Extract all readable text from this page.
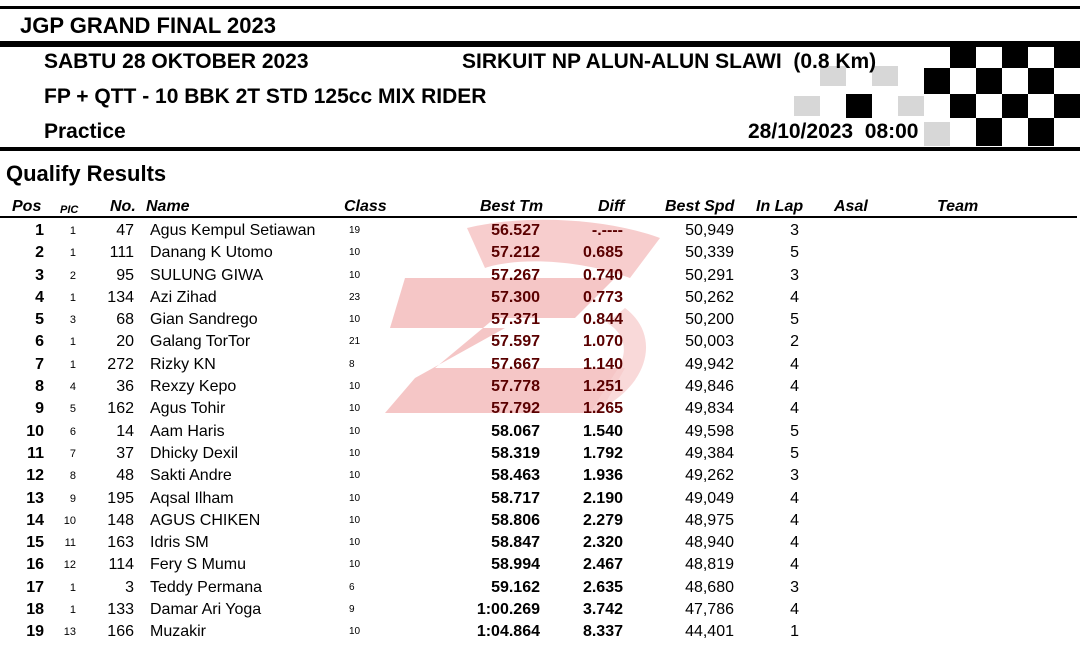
JGP GRAND FINAL 2023
SABTU 28 OKTOBER 2023	SIRKUIT NP ALUN-ALUN SLAWI  (0.8 Km)
FP + QTT - 10 BBK 2T STD 125cc MIX RIDER
Practice	28/10/2023  08:00
Qualify Results
Pos PIC No. Name	Class	Best Tm	Diff	Best Spd In Lap Asal	Team
1	1	47 Agus Kempul Setiawan	19	56.527	-.----	50,949	3
2	1	111 Danang K Utomo	10	57.212	0.685	50,339	5
3	2	95 SULUNG GIWA	10	57.267	0.740	50,291	3
4	1	134 Azi Zihad	23	57.300	0.773	50,262	4
5	3	68 Gian Sandrego	10	57.371	0.844	50,200	5
6	1	20 Galang TorTor	21	57.597	1.070	50,003	2
7	1	272 Rizky KN	8	57.667	1.140	49,942	4
8	4	36 Rexzy Kepo	10	57.778	1.251	49,846	4
9	5	162 Agus Tohir	10	57.792	1.265	49,834	4
10	6	14 Aam Haris	10	58.067	1.540	49,598	5
11	7	37 Dhicky Dexil	10	58.319	1.792	49,384	5
12	8	48 Sakti Andre	10	58.463	1.936	49,262	3
13	9	195 Aqsal Ilham	10	58.717	2.190	49,049	4
14	10	148 AGUS CHIKEN	10	58.806	2.279	48,975	4
15	11	163 Idris SM	10	58.847	2.320	48,940	4
16	12	114 Fery S Mumu	10	58.994	2.467	48,819	4
17	1	3 Teddy Permana	6	59.162	2.635	48,680	3
18	1	133 Damar Ari Yoga	9	1:00.269	3.742	47,786	4
19	13	166 Muzakir	10	1:04.864	8.337	44,401	1
